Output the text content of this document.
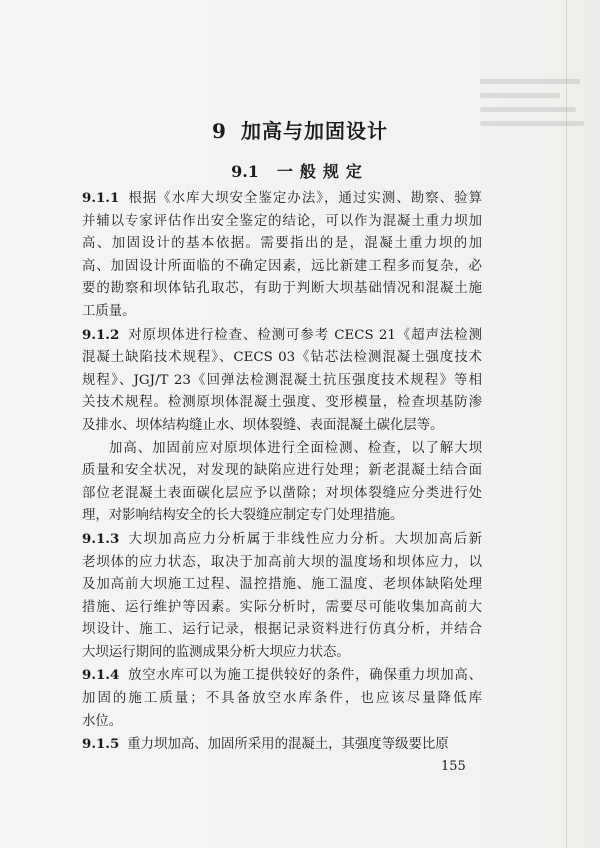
9 加高与加固设计
9.1 一般规定
9.1.1 根据《水库大坝安全鉴定办法》，通过实测、勘察、验算
并辅以专家评估作出安全鉴定的结论，可以作为混凝土重力坝加
高、加固设计的基本依据。需要指出的是，混凝土重力坝的加
高、加固设计所面临的不确定因素，远比新建工程多而复杂，必
要的勘察和坝体钻孔取芯，有助于判断大坝基础情况和混凝土施
工质量。
9.1.2 对原坝体进行检查、检测可参考 CECS 21《超声法检测
混凝土缺陷技术规程》、CECS 03《钻芯法检测混凝土强度技术
规程》、JGJ/T 23《回弹法检测混凝土抗压强度技术规程》等相
关技术规程。检测原坝体混凝土强度、变形模量，检查坝基防渗
及排水、坝体结构缝止水、坝体裂缝、表面混凝土碳化层等。
加高、加固前应对原坝体进行全面检测、检查，以了解大坝
质量和安全状况，对发现的缺陷应进行处理；新老混凝土结合面
部位老混凝土表面碳化层应予以凿除；对坝体裂缝应分类进行处
理，对影响结构安全的长大裂缝应制定专门处理措施。
9.1.3 大坝加高应力分析属于非线性应力分析。大坝加高后新
老坝体的应力状态，取决于加高前大坝的温度场和坝体应力，以
及加高前大坝施工过程、温控措施、施工温度、老坝体缺陷处理
措施、运行维护等因素。实际分析时，需要尽可能收集加高前大
坝设计、施工、运行记录，根据记录资料进行仿真分析，并结合
大坝运行期间的监测成果分析大坝应力状态。
9.1.4 放空水库可以为施工提供较好的条件，确保重力坝加高、
加固的施工质量；不具备放空水库条件，也应该尽量降低库
水位。
9.1.5 重力坝加高、加固所采用的混凝土，其强度等级要比原
155
